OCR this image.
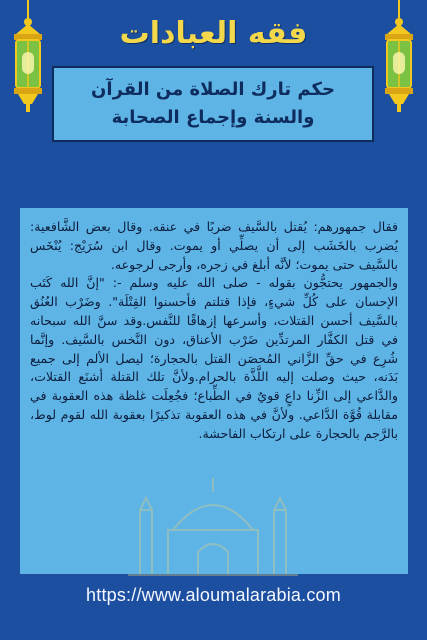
فقه العبادات
حكم تارك الصلاة من القرآن
والسنة وإجماع الصحابة

فقال جمهورهم: يُقتل بالسَّيف ضربًا في عنقه. وقال بعض الشَّافعية: يُضرب بالخَشَب إلى أن يصلِّي أو يموت. وقال ابن سُرَيْج: يُنْخَس بالسَّيف حتى يموت؛ لأنَّه أبلغ في زجره، وأرجى لرجوعه.

والجمهور يحتجُّون بقوله - صلى الله عليه وسلم -: "إنَّ الله كَتَب الإحسان على كُلِّ شيءٍ، فإذا قتلتم فأحسنوا القِتْلَة". وضَرْب العُنُق بالسَّيف أحسن القتلات، وأسرعها إزهاقًا للنَّفس.وقد سنَّ الله سبحانه في قتل الكفَّار المرتدِّين ضَرْب الأعناق، دون النَّخس بالسَّيف. وإنَّما شُرِع في حقِّ الزَّاني المُحصَن القتل بالحجارة؛ ليصل الألم إلى جميع بَدَنه، حيث وصلت إليه اللَّذَّة بالحرام.ولأنَّ تلك القتلة أشنَع القتلات، والدَّاعي إلى الزِّنا داعٍ قويٌ في الطِّباع؛ فجُعِلَت غلظة هذه العقوبة في مقابلة قُوَّة الدَّاعي. ولأنَّ في هذه العقوبة تذكيرًا بعقوبة الله لقوم لوط، بالرَّجم بالحجارة على ارتكاب الفاحشة.

https://www.aloumalarabia.com
